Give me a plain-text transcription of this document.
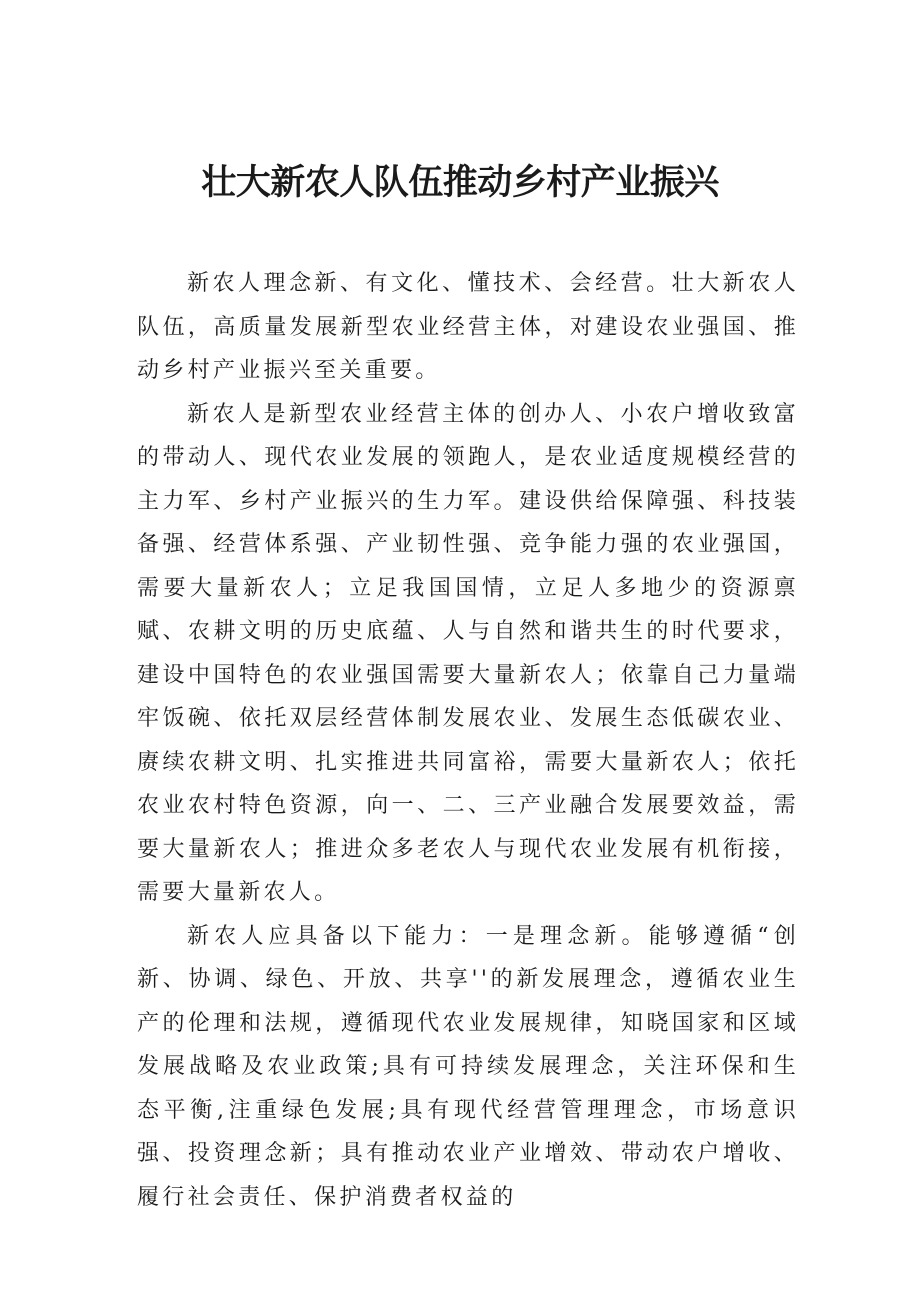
壮大新农人队伍推动乡村产业振兴

新农人理念新、有文化、懂技术、会经营。壮大新农人队伍，高质量发展新型农业经营主体，对建设农业强国、推动乡村产业振兴至关重要。

新农人是新型农业经营主体的创办人、小农户增收致富的带动人、现代农业发展的领跑人，是农业适度规模经营的主力军、乡村产业振兴的生力军。建设供给保障强、科技装备强、经营体系强、产业韧性强、竞争能力强的农业强国，需要大量新农人；立足我国国情，立足人多地少的资源禀赋、农耕文明的历史底蕴、人与自然和谐共生的时代要求，建设中国特色的农业强国需要大量新农人；依靠自己力量端牢饭碗、依托双层经营体制发展农业、发展生态低碳农业、赓续农耕文明、扎实推进共同富裕，需要大量新农人；依托农业农村特色资源，向一、二、三产业融合发展要效益，需要大量新农人；推进众多老农人与现代农业发展有机衔接，需要大量新农人。

新农人应具备以下能力：一是理念新。能够遵循“创新、协调、绿色、开放、共享''的新发展理念，遵循农业生产的伦理和法规，遵循现代农业发展规律，知晓国家和区域发展战略及农业政策;具有可持续发展理念，关注环保和生态平衡,注重绿色发展;具有现代经营管理理念，市场意识强、投资理念新；具有推动农业产业增效、带动农户增收、履行社会责任、保护消费者权益的
